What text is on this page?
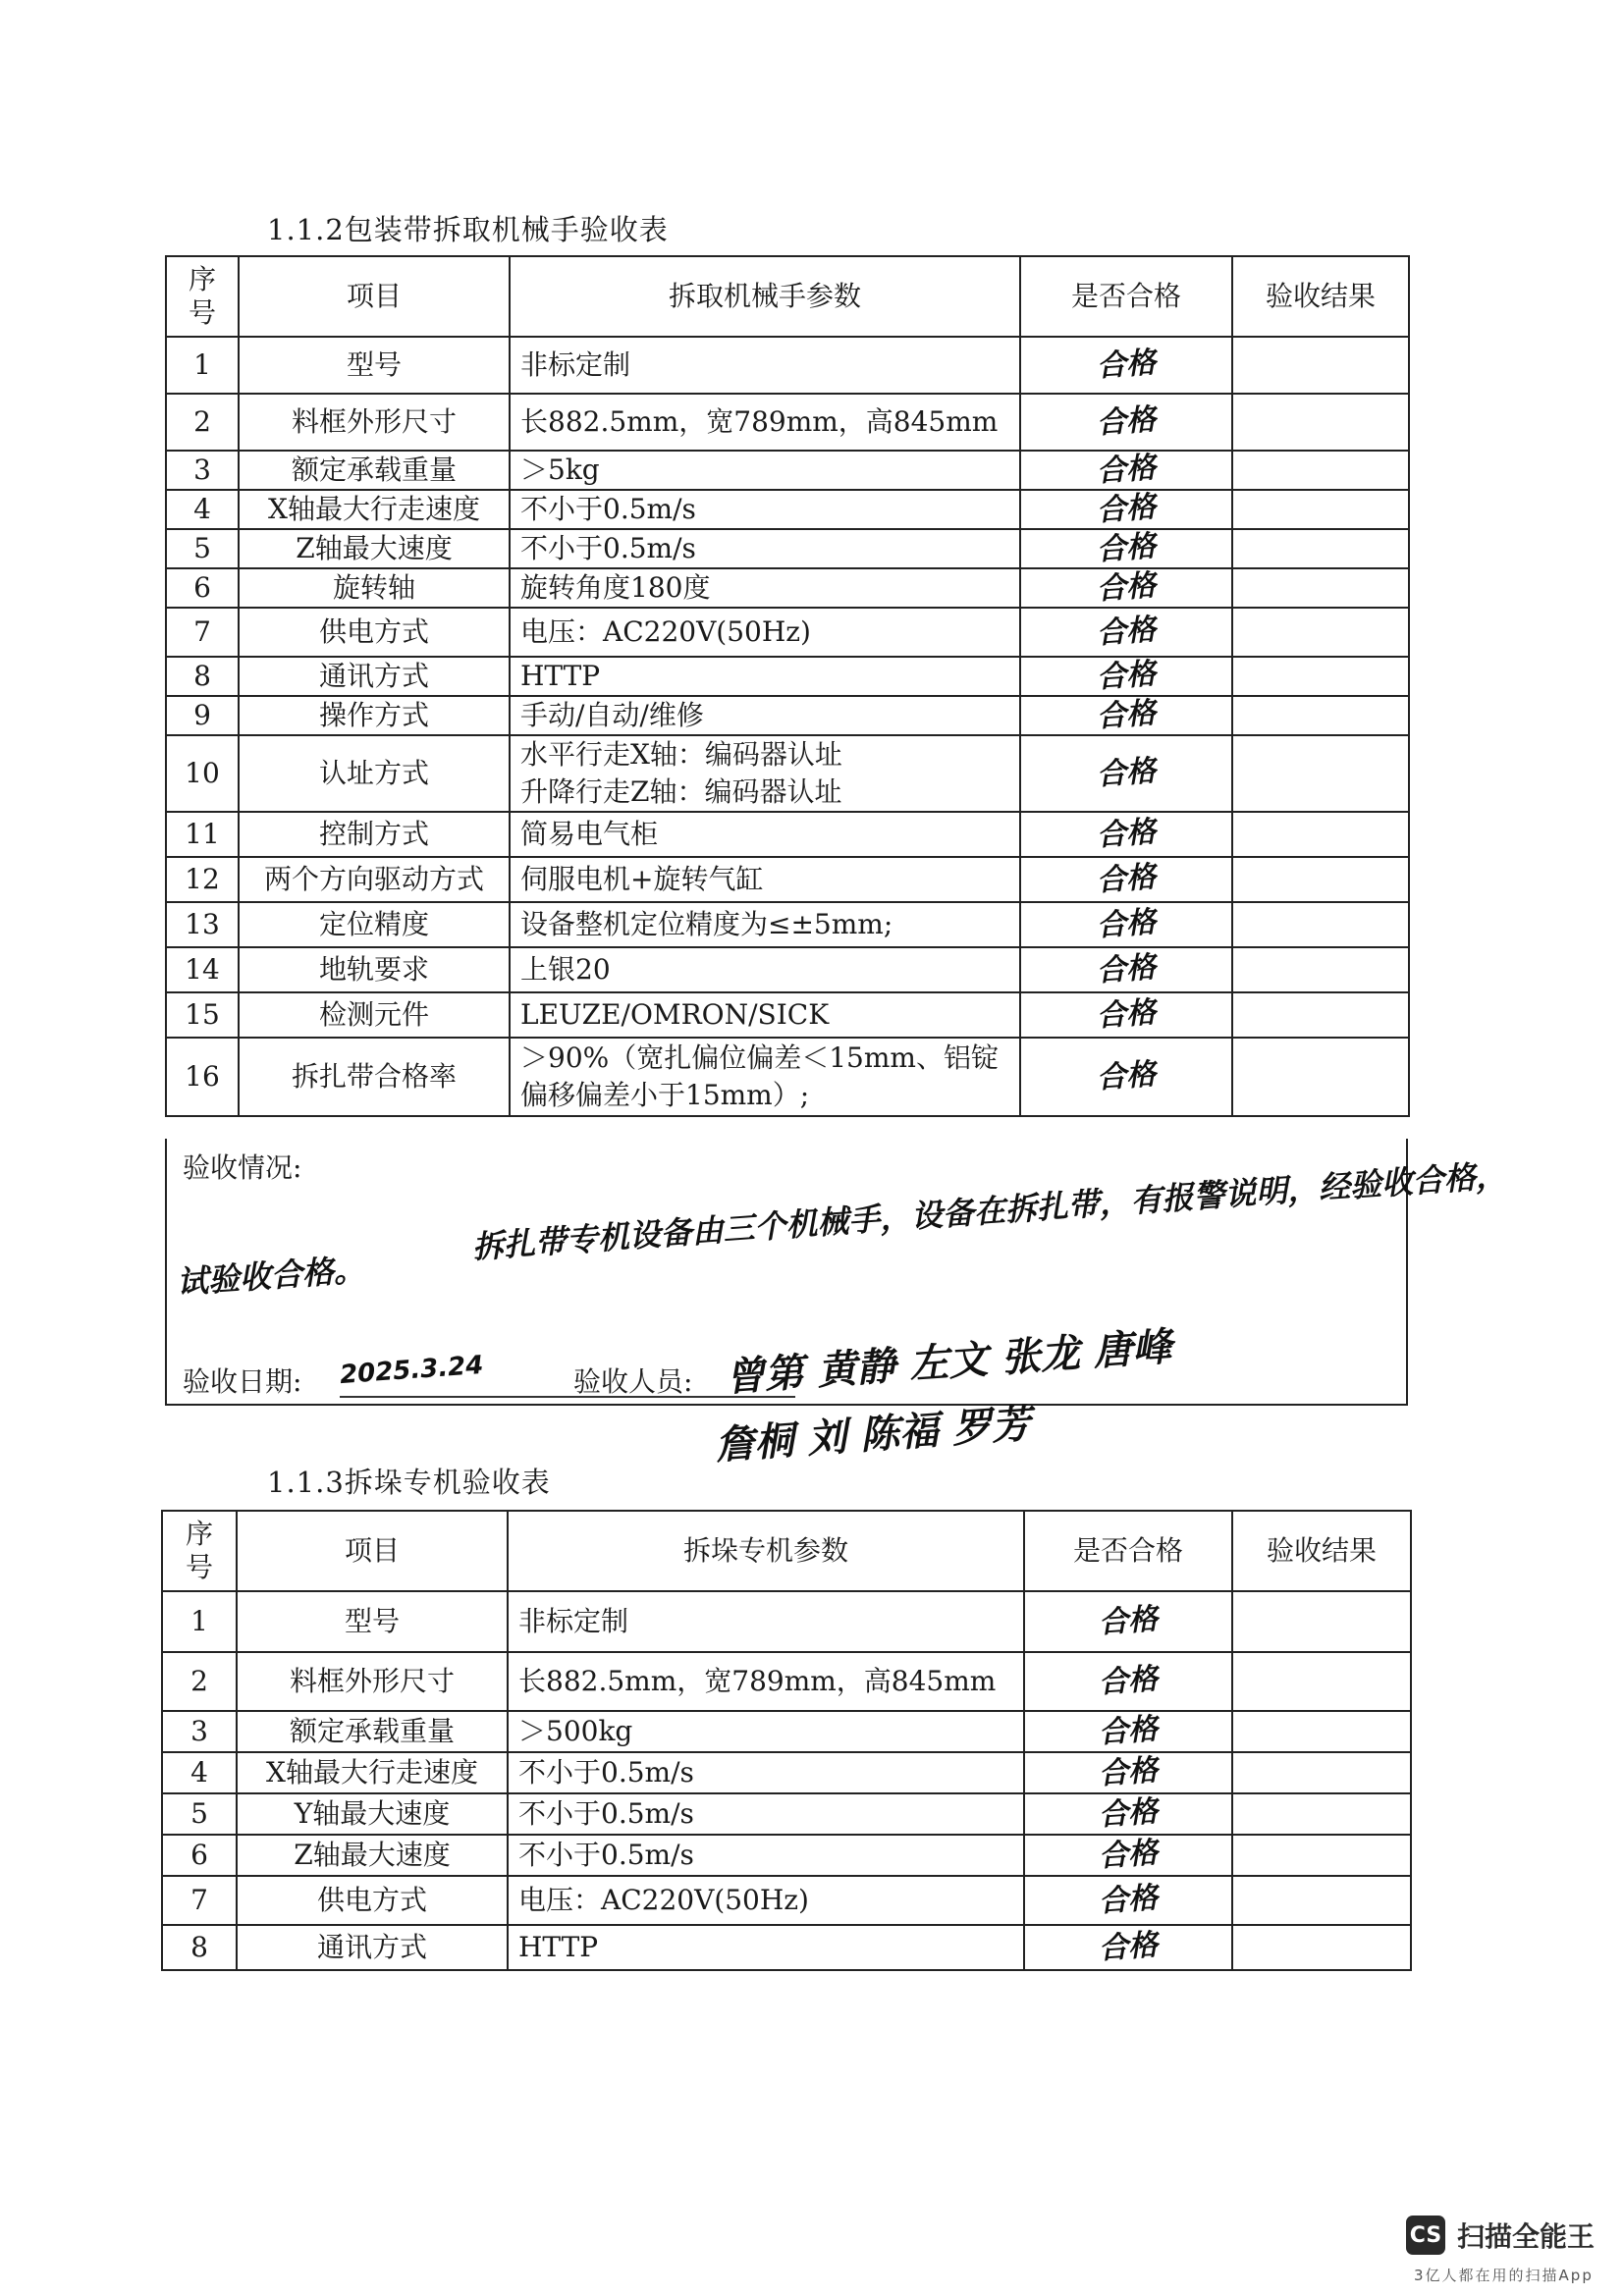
1.1.2包装带拆取机械手验收表
序号	项目	拆取机械手参数	是否合格	验收结果
1	型号	非标定制	合格	
2	料框外形尺寸	长882.5mm，宽789mm，高845mm	合格	
3	额定承载重量	＞5kg	合格	
4	X轴最大行走速度	不小于0.5m/s	合格	
5	Z轴最大速度	不小于0.5m/s	合格	
6	旋转轴	旋转角度180度	合格	
7	供电方式	电压：AC220V(50Hz)	合格	
8	通讯方式	HTTP	合格	
9	操作方式	手动/自动/维修	合格	
10	认址方式	水平行走X轴：编码器认址
升降行走Z轴：编码器认址	合格	
11	控制方式	简易电气柜	合格	
12	两个方向驱动方式	伺服电机+旋转气缸	合格	
13	定位精度	设备整机定位精度为≤±5mm;	合格	
14	地轨要求	上银20	合格	
15	检测元件	LEUZE/OMRON/SICK	合格	
16	拆扎带合格率	＞90%（宽扎偏位偏差＜15mm、铝锭
偏移偏差小于15mm）;	合格	
验收情况:	拆扎带专机设备由三个机械手，设备在拆扎带，有报警说明，经验收合格，
试验收合格。
验收日期: 2025.3.24	验收人员: 曾第 黄静 左文 张龙 唐峰
詹桐 刘 陈福 罗芳
1.1.3拆垛专机验收表
序号	项目	拆垛专机参数	是否合格	验收结果
1	型号	非标定制	合格	
2	料框外形尺寸	长882.5mm，宽789mm，高845mm	合格	
3	额定承载重量	＞500kg	合格	
4	X轴最大行走速度	不小于0.5m/s	合格	
5	Y轴最大速度	不小于0.5m/s	合格	
6	Z轴最大速度	不小于0.5m/s	合格	
7	供电方式	电压：AC220V(50Hz)	合格	
8	通讯方式	HTTP	合格	
CS 扫描全能王
3亿人都在用的扫描App
